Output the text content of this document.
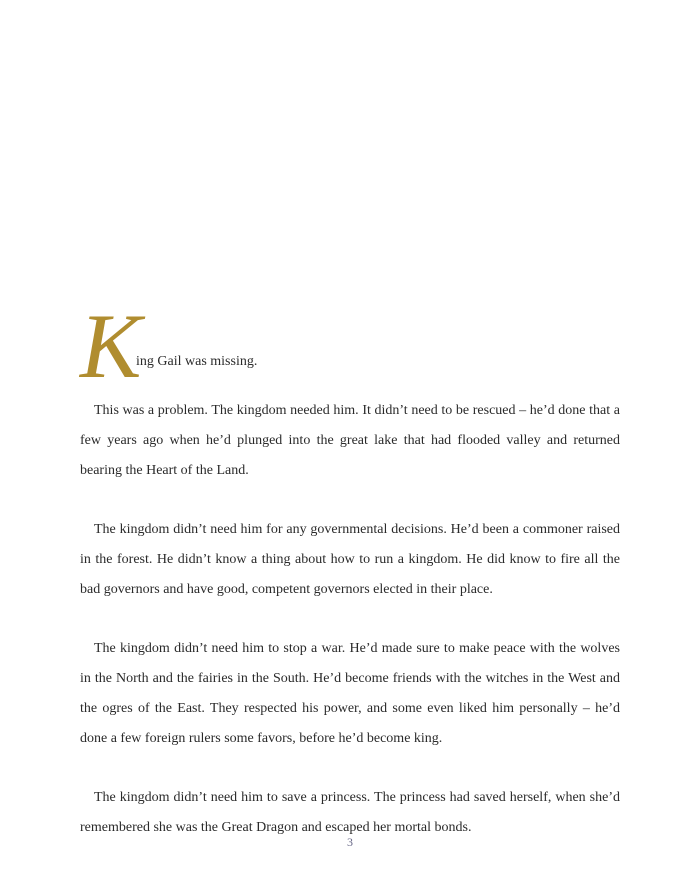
K
ing Gail was missing.

This was a problem. The kingdom needed him. It didn’t need to be rescued – he’d done that a few years ago when he’d plunged into the great lake that had flooded valley and returned bearing the Heart of the Land.

The kingdom didn’t need him for any governmental decisions. He’d been a commoner raised in the forest. He didn’t know a thing about how to run a kingdom. He did know to fire all the bad governors and have good, competent governors elected in their place.

The kingdom didn’t need him to stop a war. He’d made sure to make peace with the wolves in the North and the fairies in the South. He’d become friends with the witches in the West and the ogres of the East. They respected his power, and some even liked him personally – he’d done a few foreign rulers some favors, before he’d become king.

The kingdom didn’t need him to save a princess. The princess had saved herself, when she’d remembered she was the Great Dragon and escaped her mortal bonds.

3
